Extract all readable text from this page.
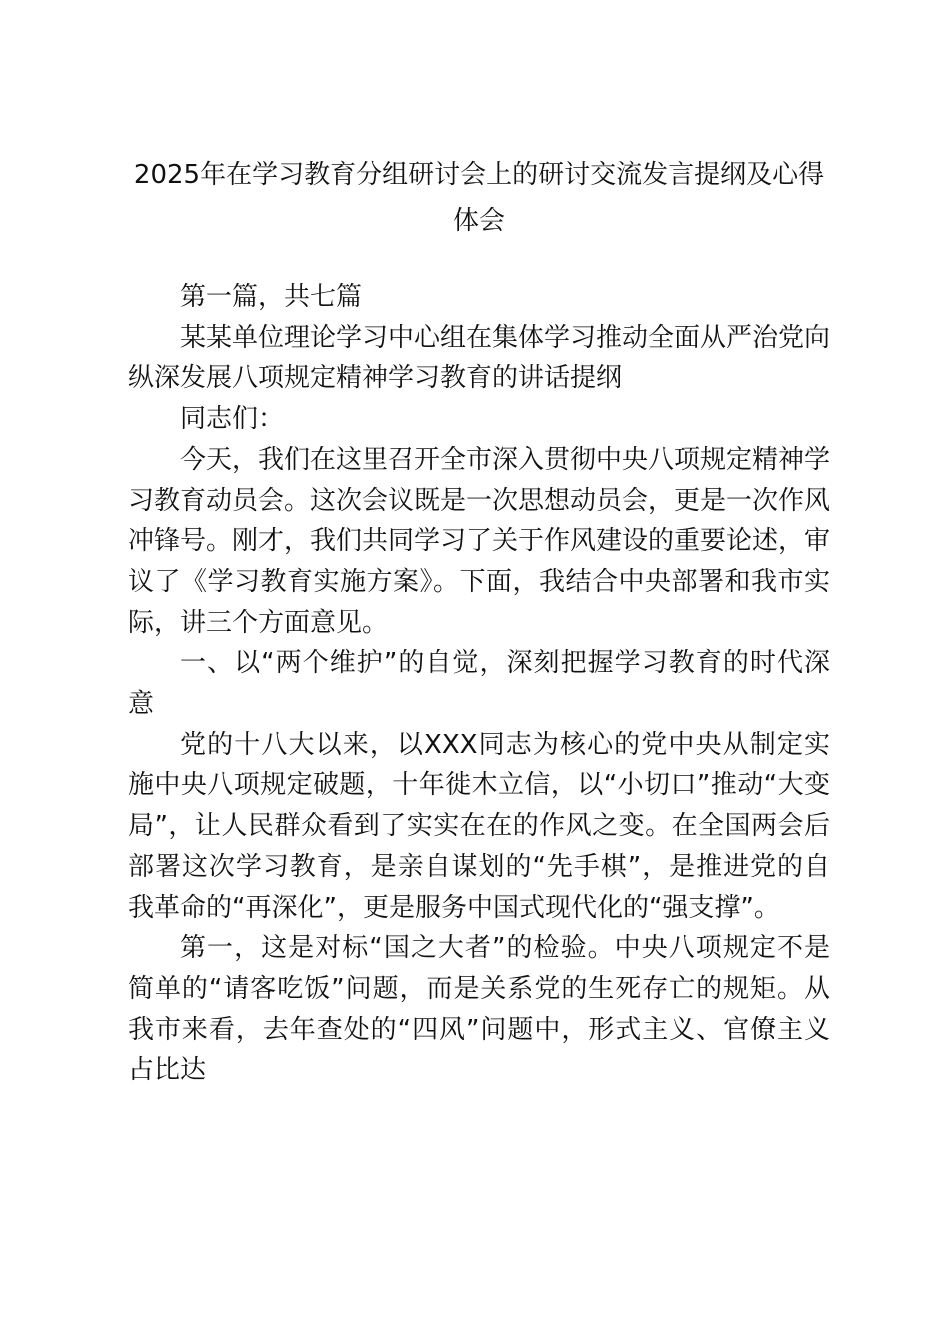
2025年在学习教育分组研讨会上的研讨交流发言提纲及心得体会

第一篇，共七篇

某某单位理论学习中心组在集体学习推动全面从严治党向纵深发展八项规定精神学习教育的讲话提纲

同志们：

今天，我们在这里召开全市深入贯彻中央八项规定精神学习教育动员会。这次会议既是一次思想动员会，更是一次作风冲锋号。刚才，我们共同学习了关于作风建设的重要论述，审议了《学习教育实施方案》。下面，我结合中央部署和我市实际，讲三个方面意见。

一、以“两个维护”的自觉，深刻把握学习教育的时代深意

党的十八大以来，以XXX同志为核心的党中央从制定实施中央八项规定破题，十年徙木立信，以“小切口”推动“大变局”，让人民群众看到了实实在在的作风之变。在全国两会后部署这次学习教育，是亲自谋划的“先手棋”，是推进党的自我革命的“再深化”，更是服务中国式现代化的“强支撑”。

第一，这是对标“国之大者”的检验。中央八项规定不是简单的“请客吃饭”问题，而是关系党的生死存亡的规矩。从我市来看，去年查处的“四风”问题中，形式主义、官僚主义占比达
